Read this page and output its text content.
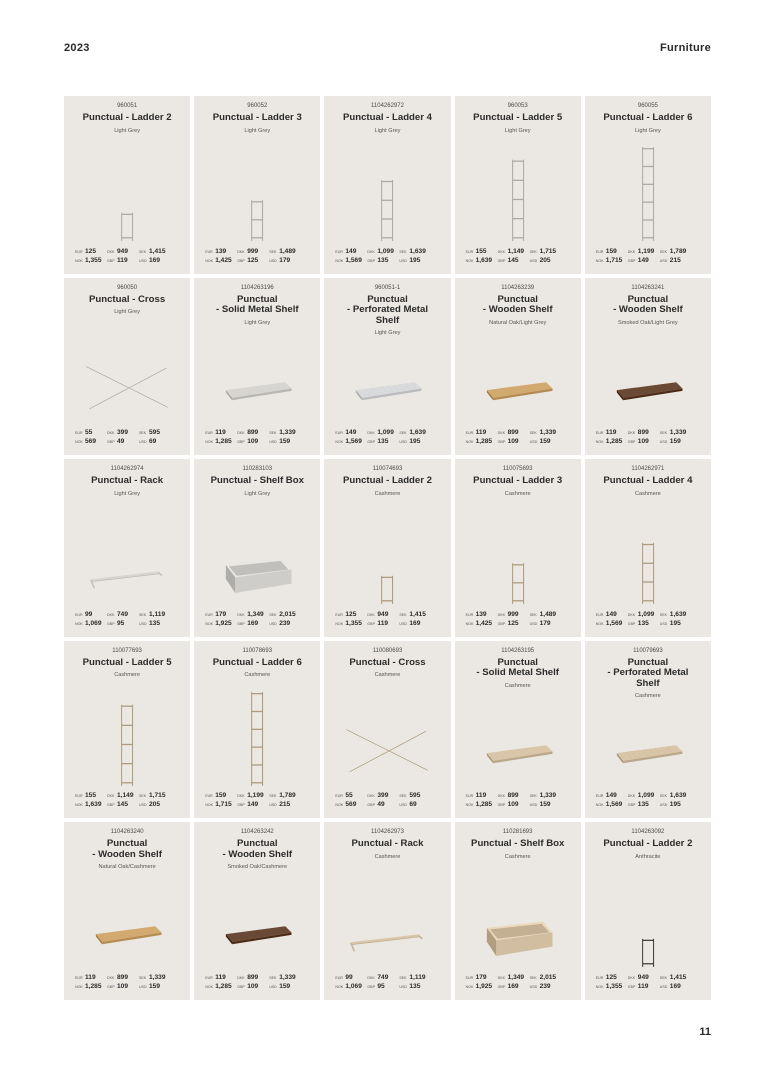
2023	Furniture
960051
Punctual - Ladder 2
Light Grey
EUR 125	DKK 949	SEK 1,415
NOK 1,355 GBP 119	USD 169
960052
Punctual - Ladder 3
Light Grey
EUR 139	DKK 999	SEK 1,489
NOK 1,425 GBP 125	USD 179
1104262972
Punctual - Ladder 4
Light Grey
EUR 149	DKK 1,099 SEK 1,639
NOK 1,569 GBP 135	USD 195
960053
Punctual - Ladder 5
Light Grey
EUR 155	DKK 1,149 SEK 1,715
NOK 1,639 GBP 145	USD 205
960055
Punctual - Ladder 6
Light Grey
EUR 159	DKK 1,199 SEK 1,789
NOK 1,715 GBP 149	USD 215
960050
Punctual - Cross
Light Grey
EUR 55	DKK 399	SEK 595
NOK 569	GBP 49	USD 69
1104263196
Punctual
- Solid Metal Shelf
Light Grey
EUR 119	DKK 899	SEK 1,339
NOK 1,285 GBP 109	USD 159
960051-1
Punctual
- Perforated Metal
Shelf
Light Grey
EUR 149	DKK 1,099 SEK 1,639
NOK 1,569 GBP 135	USD 195
1104263239
Punctual
- Wooden Shelf
Natural Oak/Light Grey
EUR 119	DKK 899	SEK 1,339
NOK 1,285 GBP 109	USD 159
1104263241
Punctual
- Wooden Shelf
Smoked Oak/Light Grey
EUR 119	DKK 899	SEK 1,339
NOK 1,285 GBP 109	USD 159
1104262974
Punctual - Rack
Light Grey
EUR 99	DKK 749	SEK 1,119
NOK 1,069 GBP 95	USD 135
110283103
Punctual - Shelf Box
Light Grey
EUR 179	DKK 1,349 SEK 2,015
NOK 1,925 GBP 169	USD 239
110074693
Punctual - Ladder 2
Cashmere
EUR 125	DKK 949	SEK 1,415
NOK 1,355 GBP 119	USD 169
110075693
Punctual - Ladder 3
Cashmere
EUR 139	DKK 999	SEK 1,489
NOK 1,425 GBP 125	USD 179
1104262971
Punctual - Ladder 4
Cashmere
EUR 149	DKK 1,099 SEK 1,639
NOK 1,569 GBP 135	USD 195
110077693
Punctual - Ladder 5
Cashmere
EUR 155	DKK 1,149 SEK 1,715
NOK 1,639 GBP 145	USD 205
110078693
Punctual - Ladder 6
Cashmere
EUR 159	DKK 1,199 SEK 1,789
NOK 1,715 GBP 149	USD 215
110080693
Punctual - Cross
Cashmere
EUR 55	DKK 399	SEK 595
NOK 569	GBP 49	USD 69
1104263195
Punctual
- Solid Metal Shelf
Cashmere
EUR 119	DKK 899	SEK 1,339
NOK 1,285 GBP 109	USD 159
110079693
Punctual
- Perforated Metal
Shelf
Cashmere
EUR 149	DKK 1,099 SEK 1,639
NOK 1,569 GBP 135	USD 195
1104263240
Punctual
- Wooden Shelf
Natural Oak/Cashmere
EUR 119	DKK 899	SEK 1,339
NOK 1,285 GBP 109	USD 159
1104263242
Punctual
- Wooden Shelf
Smoked Oak/Cashmere
EUR 119	DKK 899	SEK 1,339
NOK 1,285 GBP 109	USD 159
1104262973
Punctual - Rack
Cashmere
EUR 99	DKK 749	SEK 1,119
NOK 1,069 GBP 95	USD 135
110281693
Punctual - Shelf Box
Cashmere
EUR 179	DKK 1,349 SEK 2,015
NOK 1,925 GBP 169	USD 239
1104263092
Punctual - Ladder 2
Anthracite
EUR 125	DKK 949	SEK 1,415
NOK 1,355 GBP 119	USD 169
11
